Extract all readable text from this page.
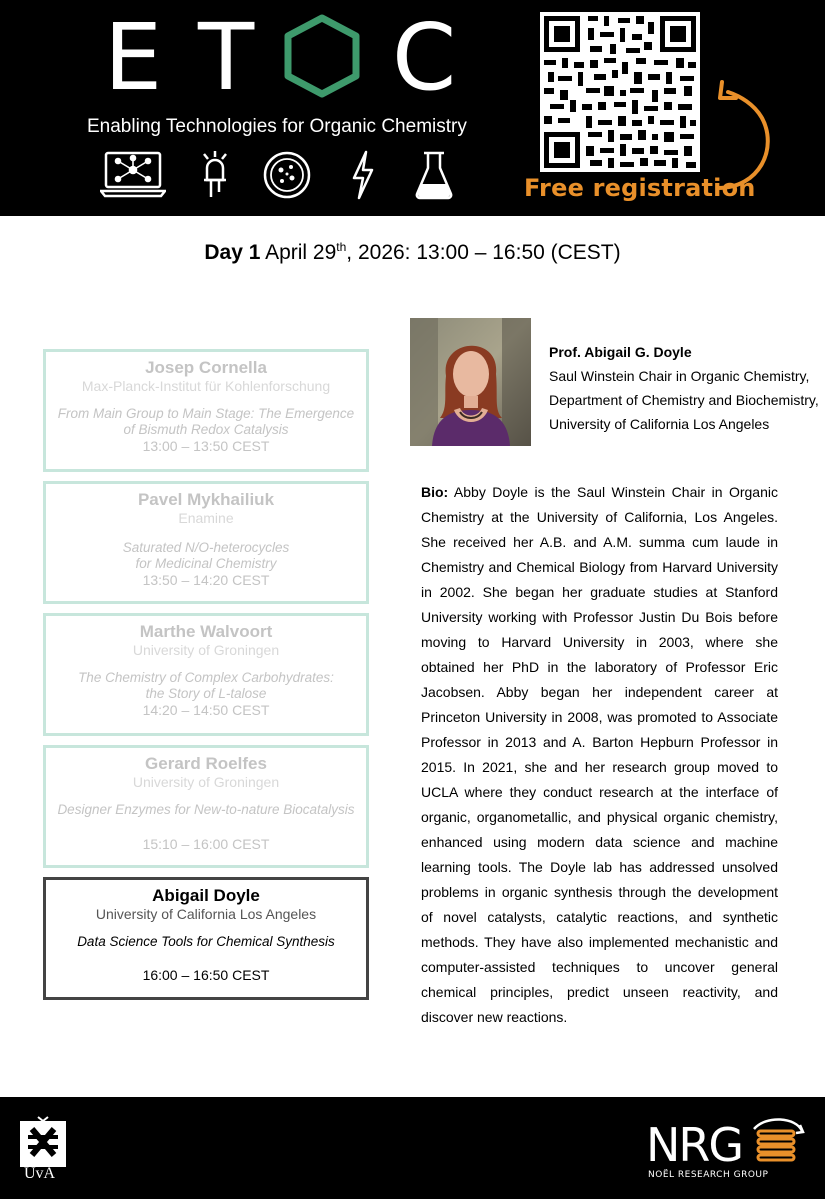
E T C
Enabling Technologies for Organic Chemistry
Free registration
Day 1 April 29th, 2026: 13:00 – 16:50 (CEST)
Josep Cornella
Max-Planck-Institut für Kohlenforschung
From Main Group to Main Stage: The Emergence
of Bismuth Redox Catalysis
13:00 – 13:50 CEST
Pavel Mykhailiuk
Enamine
Saturated N/O-heterocycles
for Medicinal Chemistry
13:50 – 14:20 CEST
Marthe Walvoort
University of Groningen
The Chemistry of Complex Carbohydrates:
the Story of L-talose
14:20 – 14:50 CEST
Gerard Roelfes
University of Groningen
Designer Enzymes for New-to-nature Biocatalysis
15:10 – 16:00 CEST
Abigail Doyle
University of California Los Angeles
Data Science Tools for Chemical Synthesis
16:00 – 16:50 CEST
Prof. Abigail G. Doyle
Saul Winstein Chair in Organic Chemistry,
Department of Chemistry and Biochemistry,
University of California Los Angeles
Bio: Abby Doyle is the Saul Winstein Chair in Organic Chemistry at the University of California, Los Angeles. She received her A.B. and A.M. summa cum laude in Chemistry and Chemical Biology from Harvard University in 2002. She began her graduate studies at Stanford University working with Professor Justin Du Bois before moving to Harvard University in 2003, where she obtained her PhD in the laboratory of Professor Eric Jacobsen. Abby began her independent career at Princeton University in 2008, was promoted to Associate Professor in 2013 and A. Barton Hepburn Professor in 2015. In 2021, she and her research group moved to UCLA where they conduct research at the interface of organic, organometallic, and physical organic chemistry, enhanced using modern data science and machine learning tools. The Doyle lab has addressed unsolved problems in organic synthesis through the development of novel catalysts, catalytic reactions, and synthetic methods. They have also implemented mechanistic and computer-assisted techniques to uncover general chemical principles, predict unseen reactivity, and discover new reactions.
UvA
NRG
NOËL RESEARCH GROUP
